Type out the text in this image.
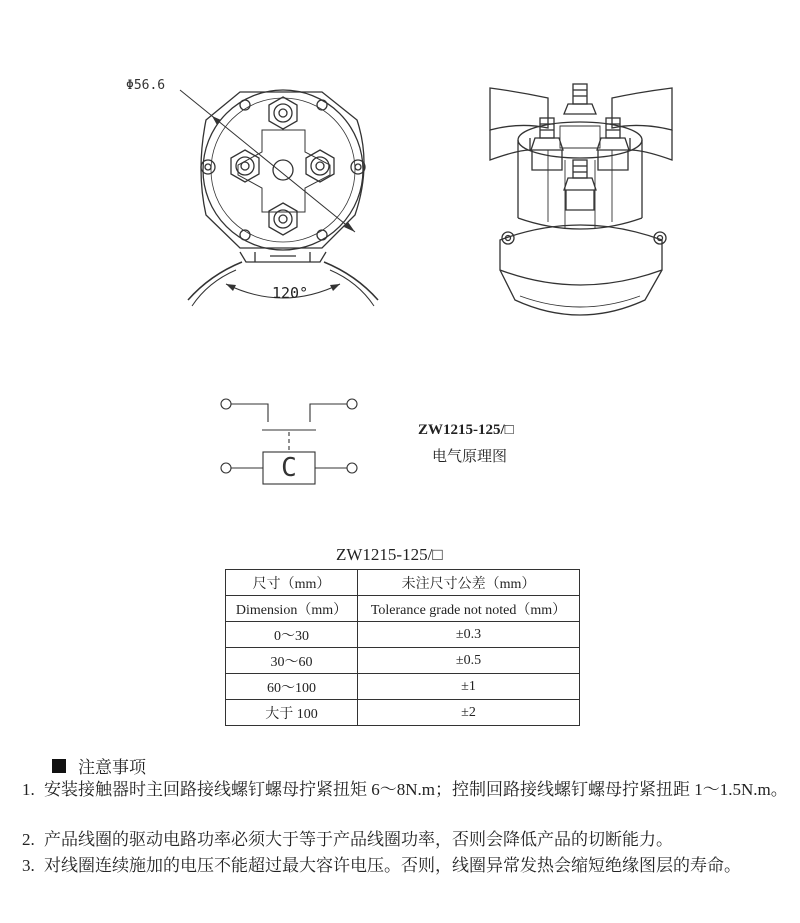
Φ56.6
120°
C
ZW1215-125/□
电气原理图
ZW1215-125/□
尺寸（mm）	未注尺寸公差（mm）
Dimension（mm）	Tolerance grade not noted（mm）
0～30	±0.3
30～60	±0.5
60～100	±1
大于 100	±2
注意事项
1. 安装接触器时主回路接线螺钉螺母拧紧扭矩 6～8N.m；控制回路接线螺钉螺母拧紧扭距 1～1.5N.m。
2. 产品线圈的驱动电路功率必须大于等于产品线圈功率，否则会降低产品的切断能力。
3. 对线圈连续施加的电压不能超过最大容许电压。否则，线圈异常发热会缩短绝缘图层的寿命。
